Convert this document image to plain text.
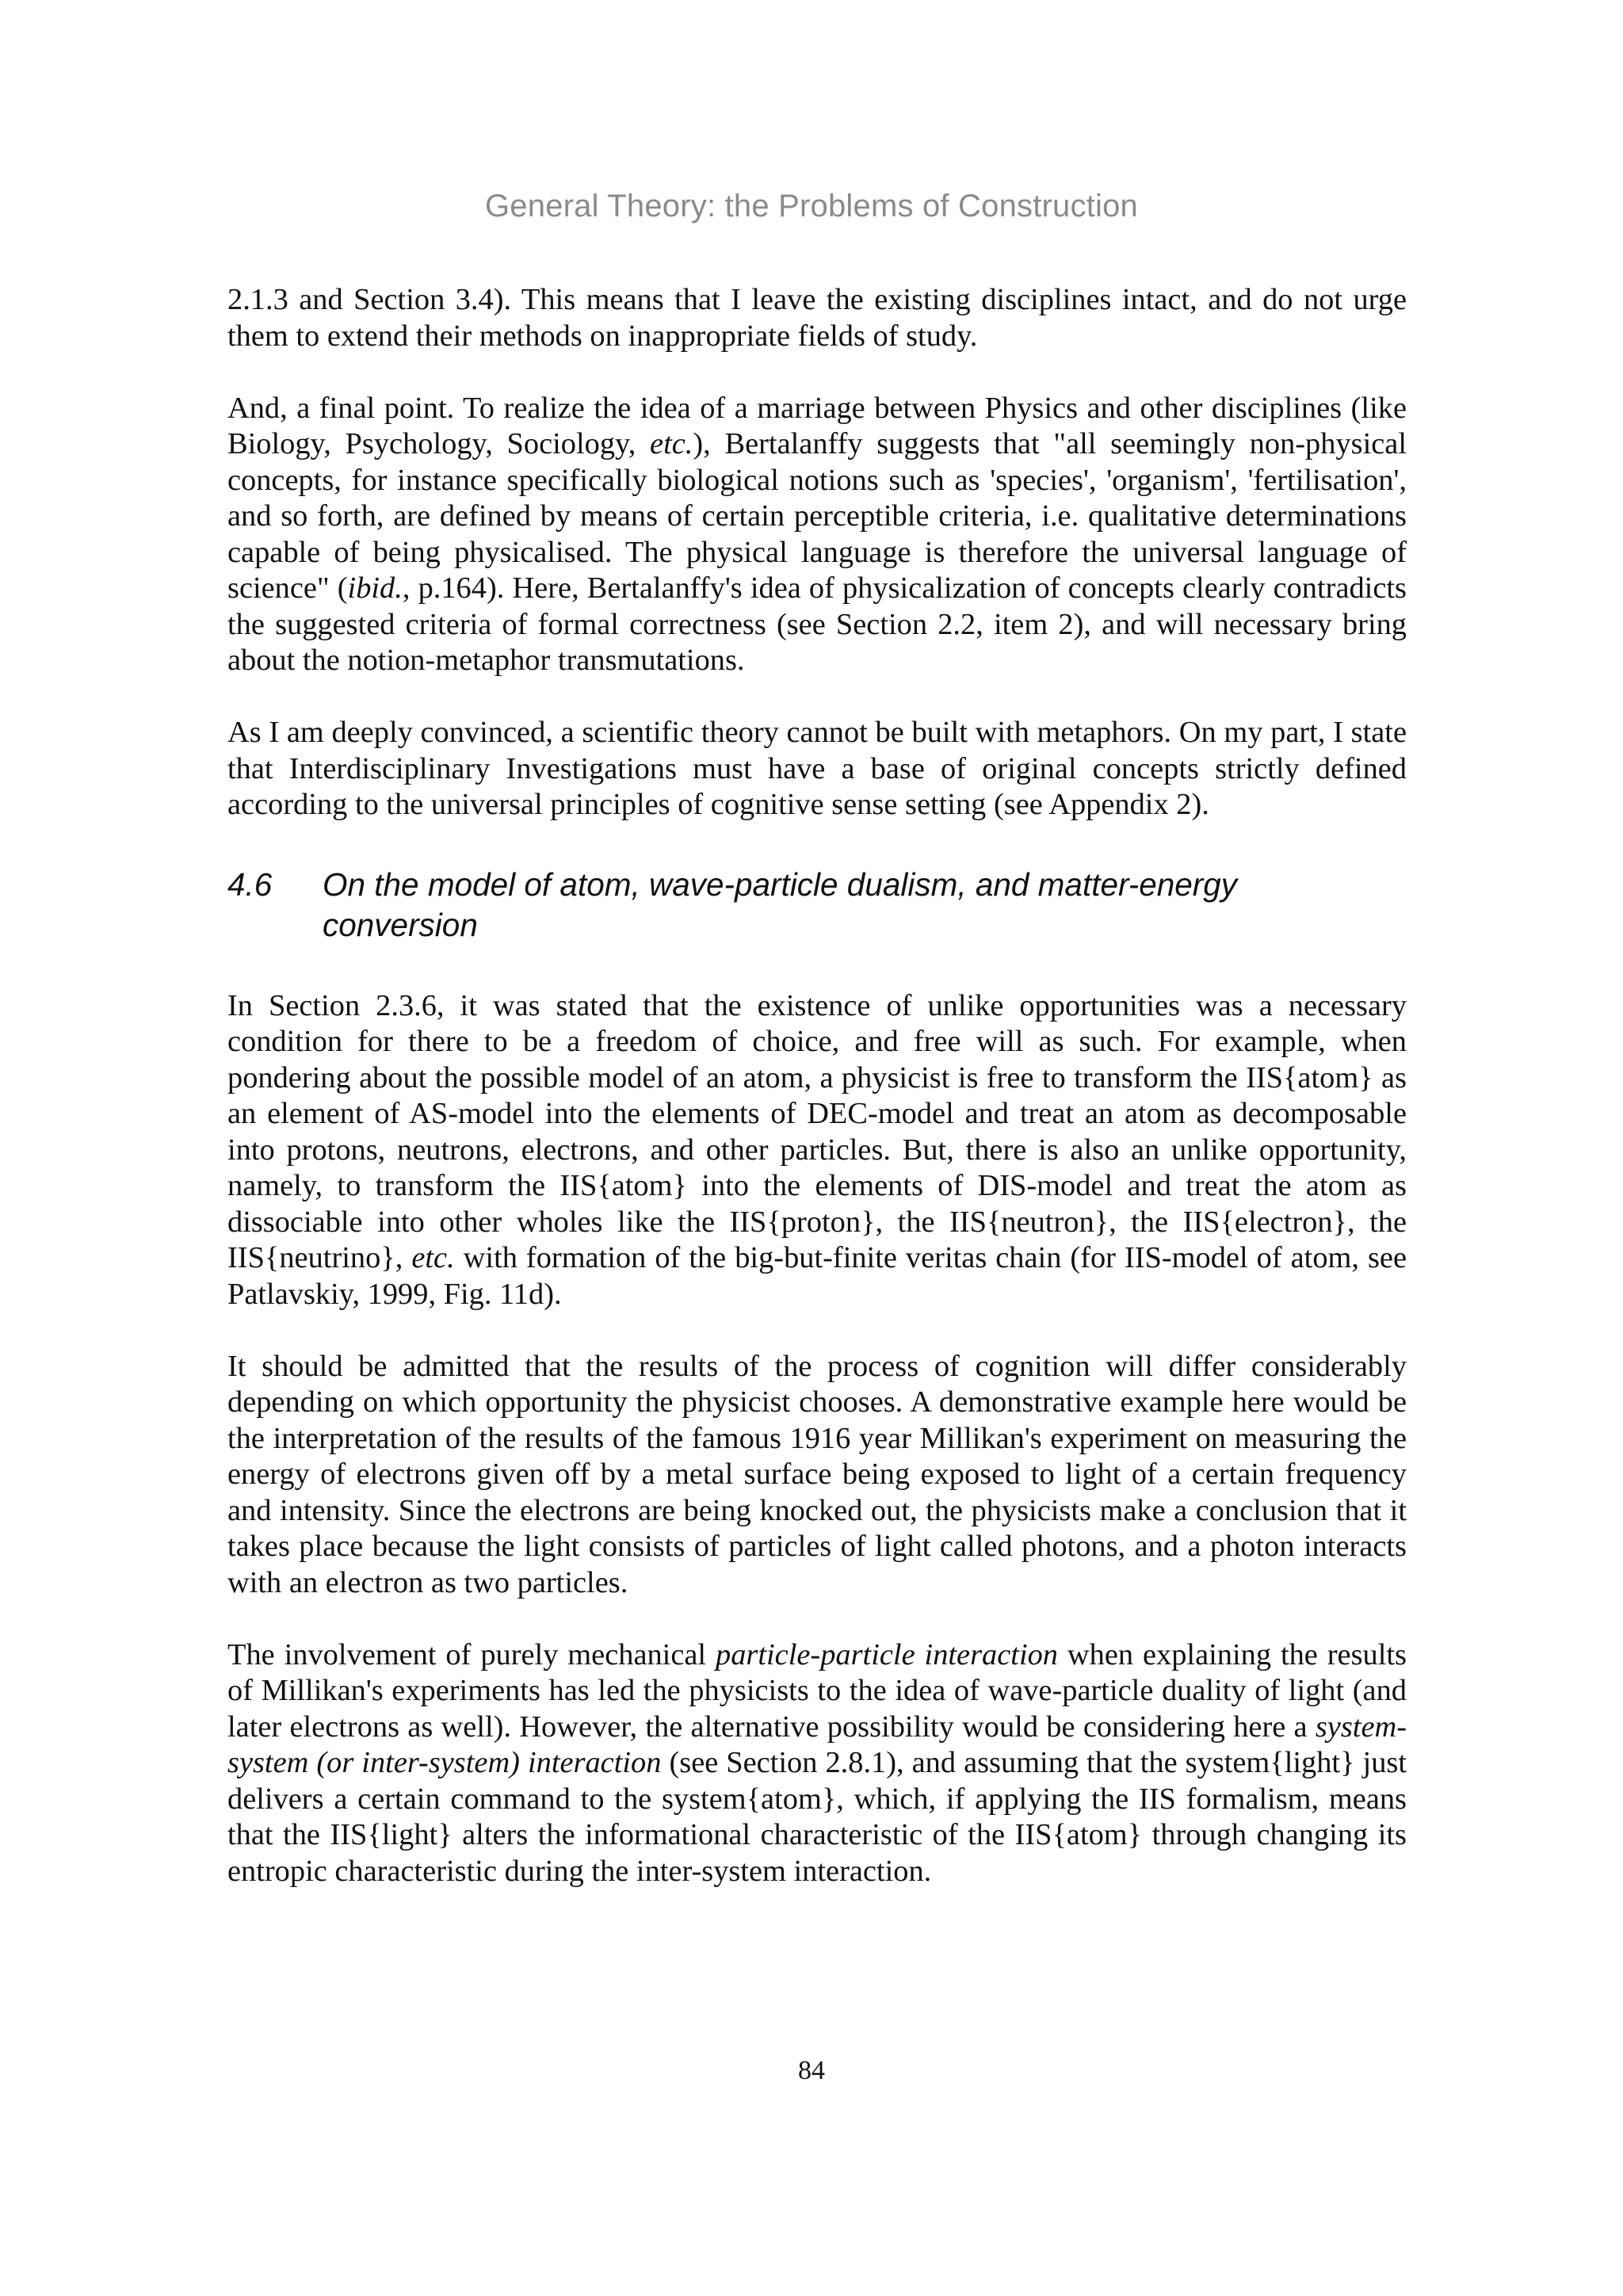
General Theory: the Problems of Construction

2.1.3 and Section 3.4). This means that I leave the existing disciplines intact, and do not urge them to extend their methods on inappropriate fields of study.

And, a final point. To realize the idea of a marriage between Physics and other disciplines (like Biology, Psychology, Sociology, etc.), Bertalanffy suggests that "all seemingly non-physical concepts, for instance specifically biological notions such as 'species', 'organism', 'fertilisation', and so forth, are defined by means of certain perceptible criteria, i.e. qualitative determinations capable of being physicalised. The physical language is therefore the universal language of science" (ibid., p.164). Here, Bertalanffy's idea of physicalization of concepts clearly contradicts the suggested criteria of formal correctness (see Section 2.2, item 2), and will necessary bring about the notion-metaphor transmutations.

As I am deeply convinced, a scientific theory cannot be built with metaphors. On my part, I state that Interdisciplinary Investigations must have a base of original concepts strictly defined according to the universal principles of cognitive sense setting (see Appendix 2).

4.6	On the model of atom, wave-particle dualism, and matter-energy conversion

In Section 2.3.6, it was stated that the existence of unlike opportunities was a necessary condition for there to be a freedom of choice, and free will as such. For example, when pondering about the possible model of an atom, a physicist is free to transform the IIS{atom} as an element of AS-model into the elements of DEC-model and treat an atom as decomposable into protons, neutrons, electrons, and other particles. But, there is also an unlike opportunity, namely, to transform the IIS{atom} into the elements of DIS-model and treat the atom as dissociable into other wholes like the IIS{proton}, the IIS{neutron}, the IIS{electron}, the IIS{neutrino}, etc. with formation of the big-but-finite veritas chain (for IIS-model of atom, see Patlavskiy, 1999, Fig. 11d).

It should be admitted that the results of the process of cognition will differ considerably depending on which opportunity the physicist chooses. A demonstrative example here would be the interpretation of the results of the famous 1916 year Millikan's experiment on measuring the energy of electrons given off by a metal surface being exposed to light of a certain frequency and intensity. Since the electrons are being knocked out, the physicists make a conclusion that it takes place because the light consists of particles of light called photons, and a photon interacts with an electron as two particles.

The involvement of purely mechanical particle-particle interaction when explaining the results of Millikan's experiments has led the physicists to the idea of wave-particle duality of light (and later electrons as well). However, the alternative possibility would be considering here a system-system (or inter-system) interaction (see Section 2.8.1), and assuming that the system{light} just delivers a certain command to the system{atom}, which, if applying the IIS formalism, means that the IIS{light} alters the informational characteristic of the IIS{atom} through changing its entropic characteristic during the inter-system interaction.

84
